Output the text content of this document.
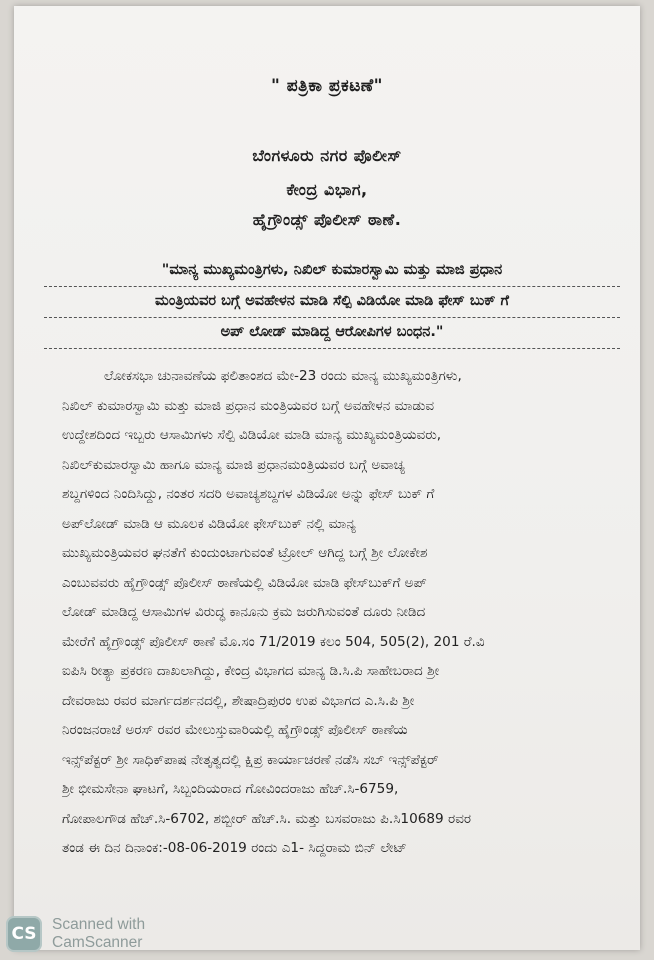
" ಪತ್ರಿಕಾ ಪ್ರಕಟಣೆ"
ಬೆಂಗಳೂರು ನಗರ ಪೊಲೀಸ್
ಕೇಂದ್ರ ವಿಭಾಗ,
ಹೈಗ್ರೌಂಡ್ಸ್ ಪೊಲೀಸ್ ಠಾಣೆ.
"ಮಾನ್ಯ ಮುಖ್ಯಮಂತ್ರಿಗಳು, ನಿಖಿಲ್ ಕುಮಾರಸ್ವಾಮಿ ಮತ್ತು ಮಾಜಿ ಪ್ರಧಾನ
ಮಂತ್ರಿಯವರ ಬಗ್ಗೆ ಅವಹೇಳನ ಮಾಡಿ ಸೆಲ್ಪಿ ವಿಡಿಯೋ ಮಾಡಿ ಫೇಸ್ ಬುಕ್ ಗೆ
ಅಪ್ ಲೋಡ್ ಮಾಡಿದ್ದ ಆರೋಪಿಗಳ ಬಂಧನ."
ಲೋಕಸಭಾ ಚುನಾವಣೆಯ ಫಲಿತಾಂಶದ ಮೇ-23 ರಂದು ಮಾನ್ಯ ಮುಖ್ಯಮಂತ್ರಿಗಳು,
ನಿಖಿಲ್ ಕುಮಾರಸ್ವಾಮಿ ಮತ್ತು ಮಾಜಿ ಪ್ರಧಾನ ಮಂತ್ರಿಯವರ ಬಗ್ಗೆ ಅವಹೇಳನ ಮಾಡುವ
ಉದ್ದೇಶದಿಂದ ಇಬ್ಬರು ಆಸಾಮಿಗಳು ಸೆಲ್ಪಿ ವಿಡಿಯೋ ಮಾಡಿ ಮಾನ್ಯ ಮುಖ್ಯಮಂತ್ರಿಯವರು,
ನಿಖಿಲ್‌ಕುಮಾರಸ್ವಾಮಿ ಹಾಗೂ ಮಾನ್ಯ ಮಾಜಿ ಪ್ರಧಾನಮಂತ್ರಿಯವರ ಬಗ್ಗೆ ಅವಾಚ್ಯ
ಶಬ್ದಗಳಿಂದ ನಿಂದಿಸಿದ್ದು, ನಂತರ ಸದರಿ ಅವಾಚ್ಯಶಬ್ದಗಳ ವಿಡಿಯೋ ಅನ್ನು ಫೇಸ್ ಬುಕ್ ಗೆ
ಅಪ್‌ಲೋಡ್ ಮಾಡಿ ಆ ಮೂಲಕ ವಿಡಿಯೋ ಫೇಸ್‌ಬುಕ್ ನಲ್ಲಿ ಮಾನ್ಯ
ಮುಖ್ಯಮಂತ್ರಿಯವರ ಘನತೆಗೆ ಕುಂದುಂಟಾಗುವಂತೆ ಟ್ರೋಲ್ ಆಗಿದ್ದ ಬಗ್ಗೆ ಶ್ರೀ ಲೋಕೇಶ
ಎಂಬುವವರು ಹೈಗ್ರೌಂಡ್ಸ್ ಪೊಲೀಸ್ ಠಾಣೆಯಲ್ಲಿ ವಿಡಿಯೋ ಮಾಡಿ ಫೇಸ್‌ಬುಕ್‌ಗೆ ಅಪ್
ಲೋಡ್ ಮಾಡಿದ್ದ ಆಸಾಮಿಗಳ ವಿರುದ್ಧ ಕಾನೂನು ಕ್ರಮ ಜರುಗಿಸುವಂತೆ ದೂರು ನೀಡಿದ
ಮೇರೆಗೆ ಹೈಗ್ರೌಂಡ್ಸ್ ಪೊಲೀಸ್ ಠಾಣೆ ಮೊ.ಸಂ 71/2019 ಕಲಂ 504, 505(2), 201 ರೆ.ವಿ
ಐಪಿಸಿ ರೀತ್ಯಾ ಪ್ರಕರಣ ದಾಖಲಾಗಿದ್ದು, ಕೇಂದ್ರ ವಿಭಾಗದ ಮಾನ್ಯ ಡಿ.ಸಿ.ಪಿ ಸಾಹೇಬರಾದ ಶ್ರೀ
ದೇವರಾಜು ರವರ ಮಾರ್ಗದರ್ಶನದಲ್ಲಿ, ಶೇಷಾದ್ರಿಪುರಂ ಉಪ ವಿಭಾಗದ ಎ.ಸಿ.ಪಿ ಶ್ರೀ
ನಿರಂಜನರಾಜೆ ಅರಸ್ ರವರ ಮೇಲುಸ್ತುವಾರಿಯಲ್ಲಿ ಹೈಗ್ರೌಂಡ್ಸ್ ಪೊಲೀಸ್ ಠಾಣೆಯ
ಇನ್ಸ್‌ಪೆಕ್ಟರ್ ಶ್ರೀ ಸಾಧಿಕ್‌ಪಾಷ ನೇತೃತ್ವದಲ್ಲಿ ಕ್ಷಿಪ್ರ ಕಾರ್ಯಾಚರಣೆ ನಡೆಸಿ ಸಬ್ ಇನ್ಸ್‌ಪೆಕ್ಟರ್
ಶ್ರೀ ಭೀಮಸೇನಾ ಘಾಟಗೆ, ಸಿಬ್ಬಂದಿಯರಾದ ಗೋವಿಂದರಾಜು ಹೆಚ್.ಸಿ-6759,
ಗೋಪಾಲಗೌಡ ಹೆಚ್.ಸಿ-6702, ಶಬ್ಬೀರ್ ಹೆಚ್.ಸಿ. ಮತ್ತು ಬಸವರಾಜು ಪಿ.ಸಿ10689 ರವರ
ತಂಡ ಈ ದಿನ ದಿನಾಂಕ:-08-06-2019 ರಂದು ಎ1- ಸಿದ್ದರಾಮ ಬಿನ್ ಲೇಟ್
CS Scanned with
CamScanner
